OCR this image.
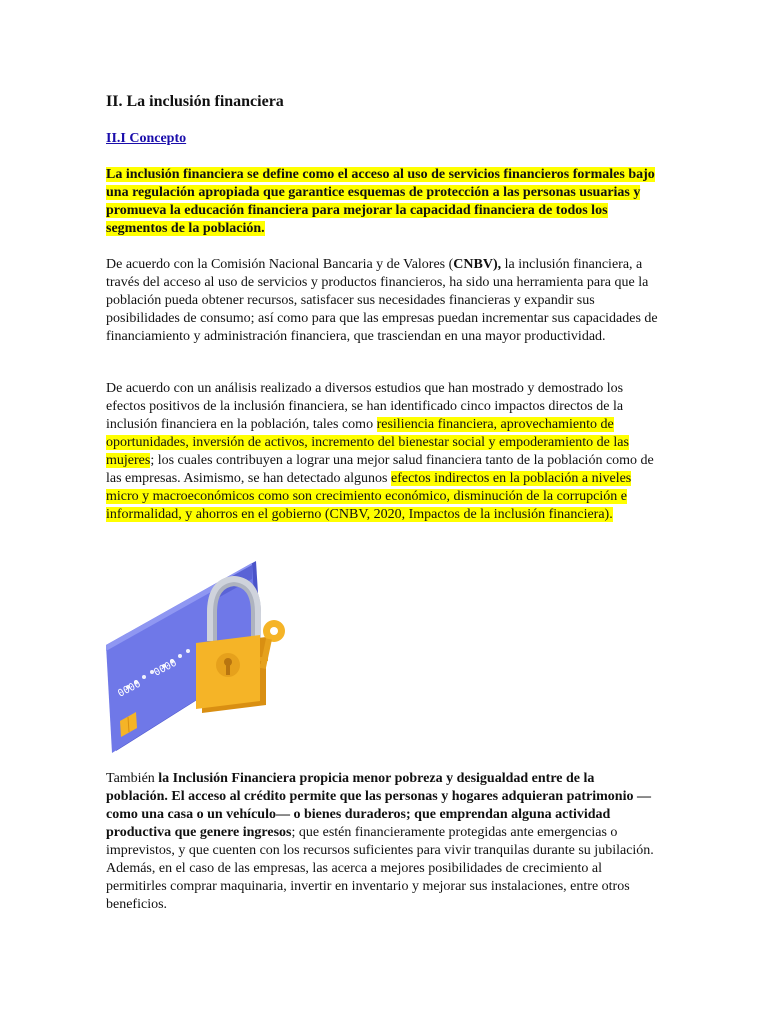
II. La inclusión financiera
II.I Concepto

La inclusión financiera se define como el acceso al uso de servicios financieros formales bajo una regulación apropiada que garantice esquemas de protección a las personas usuarias y promueva la educación financiera para mejorar la capacidad financiera de todos los segmentos de la población.

De acuerdo con la Comisión Nacional Bancaria y de Valores (CNBV), la inclusión financiera, a través del acceso al uso de servicios y productos financieros, ha sido una herramienta para que la población pueda obtener recursos, satisfacer sus necesidades financieras y expandir sus posibilidades de consumo; así como para que las empresas puedan incrementar sus capacidades de financiamiento y administración financiera, que trasciendan en una mayor productividad.

De acuerdo con un análisis realizado a diversos estudios que han mostrado y demostrado los efectos positivos de la inclusión financiera, se han identificado cinco impactos directos de la inclusión financiera en la población, tales como resiliencia financiera, aprovechamiento de oportunidades, inversión de activos, incremento del bienestar social y empoderamiento de las mujeres; los cuales contribuyen a lograr una mejor salud financiera tanto de la población como de las empresas. Asimismo, se han detectado algunos efectos indirectos en la población a niveles micro y macroeconómicos como son crecimiento económico, disminución de la corrupción e informalidad, y ahorros en el gobierno (CNBV, 2020, Impactos de la inclusión financiera).

También la Inclusión Financiera propicia menor pobreza y desigualdad entre de la población. El acceso al crédito permite que las personas y hogares adquieran patrimonio —como una casa o un vehículo— o bienes duraderos; que emprendan alguna actividad productiva que genere ingresos; que estén financieramente protegidas ante emergencias o imprevistos, y que cuenten con los recursos suficientes para vivir tranquilas durante su jubilación. Además, en el caso de las empresas, las acerca a mejores posibilidades de crecimiento al permitirles comprar maquinaria, invertir en inventario y mejorar sus instalaciones, entre otros beneficios.

0000
0000
